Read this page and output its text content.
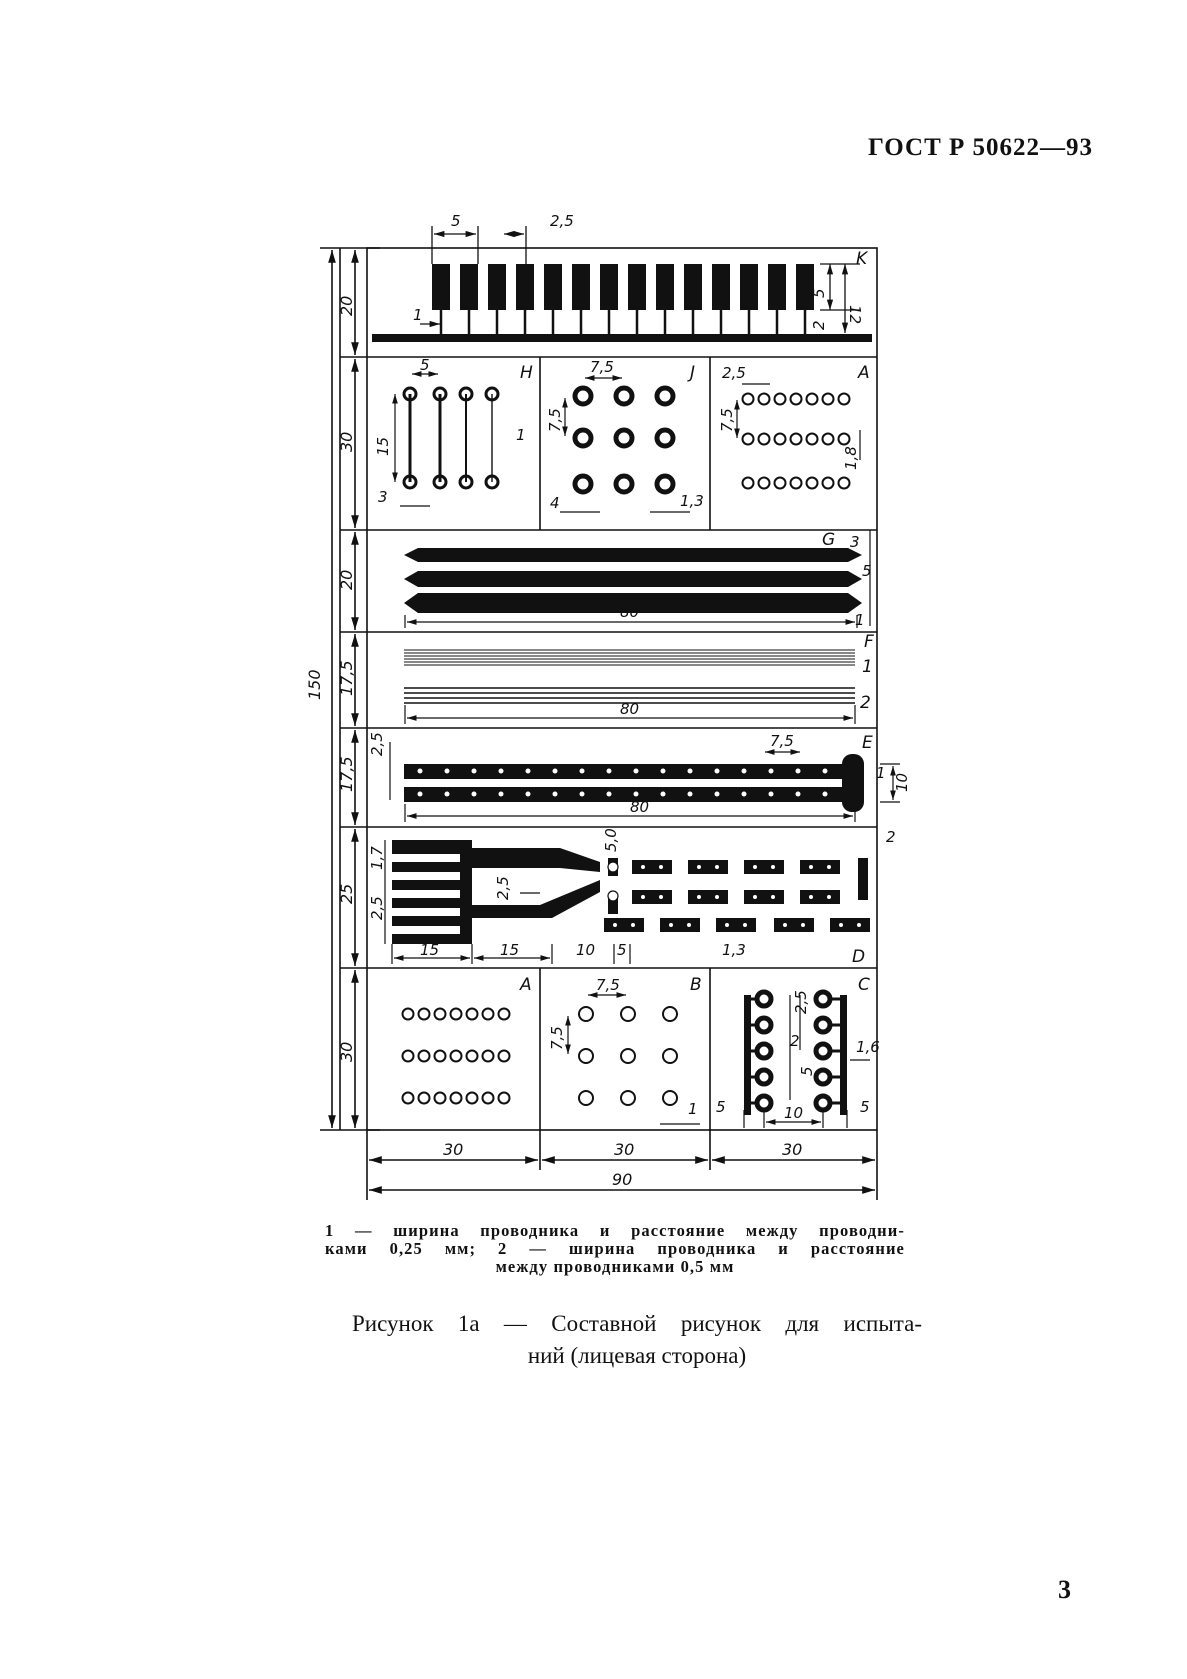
ГОСТ Р 50622—93
K
H	J	A
G
F
E
D
A	B	C
5	2,5
1
5
12
2
20
30
20
17,5
17,5
25
30
150
5
15
1
3
7,5
7,5
4	1,3
2,5
7,5
1,8
3
80
5
1
80
1
2
2,5	7,5
80
1 10
1,7
2,5
2,5
5,0
15	15	10 5	1,3
2
7,5
7,5
1
2,5
2
5
1,6
5	10	5
30	30	30
90
1 — ширина проводника и расстояние между проводни-
ками 0,25 мм; 2 — ширина проводника и расстояние
между проводниками 0,5 мм
Рисунок 1а — Составной рисунок для испыта-
ний (лицевая сторона)
3
